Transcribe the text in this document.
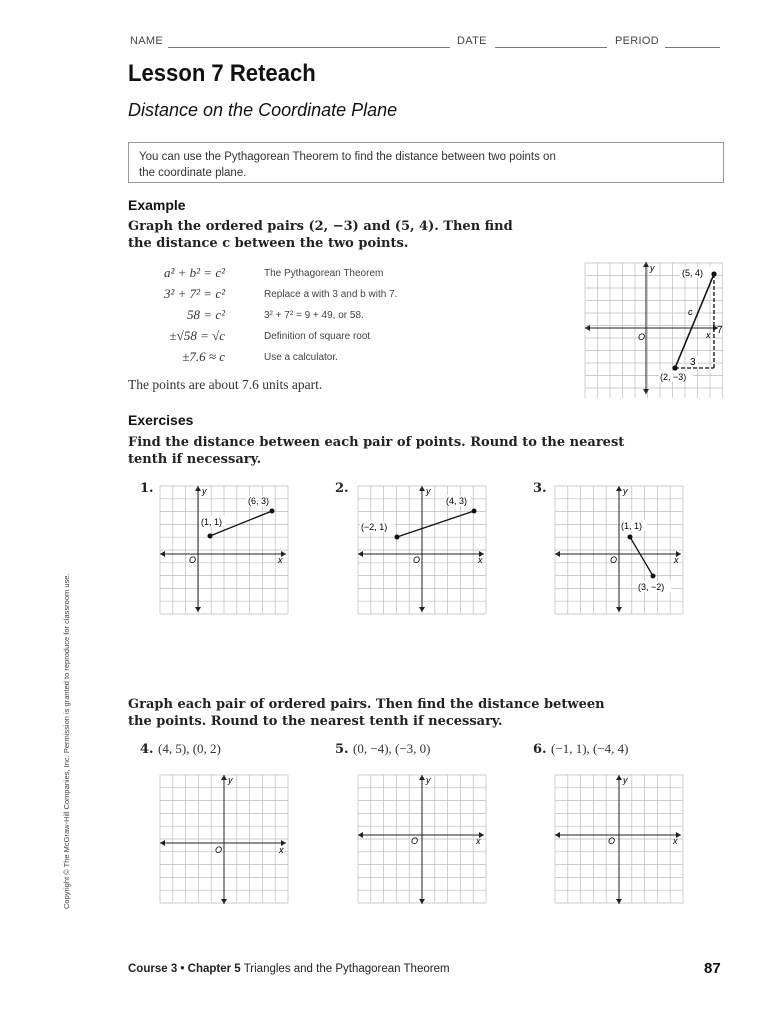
NAME	DATE	PERIOD
Lesson 7 Reteach
Distance on the Coordinate Plane
You can use the Pythagorean Theorem to find the distance between two points on
the coordinate plane.
Example
Graph the ordered pairs (2, −3) and (5, 4). Then find
the distance c between the two points.
a² + b² = c²	The Pythagorean Theorem
3² + 7² = c²	Replace a with 3 and b with 7.
58 = c²	3² + 7² = 9 + 49, or 58.
±√58 = √c	Definition of square root
±7.6 ≈ c	Use a calculator.
The points are about 7.6 units apart.
y
x
O
(5, 4)
(2, −3)
7
3
c
Exercises
Find the distance between each pair of points. Round to the nearest
tenth if necessary.
1.	y
x
O
(1, 1)
(6, 3)
2.	y
x
O
(−2, 1)
(4, 3)
3.	y
x
O
(1, 1)
(3, −2)
Graph each pair of ordered pairs. Then find the distance between
the points. Round to the nearest tenth if necessary.
4. (4, 5), (0, 2)	5. (0, −4), (−3, 0)	6. (−1, 1), (−4, 4)
y
x
O
y
x
O
y
x
O
Copyright © The McGraw-Hill Companies, Inc. Permission is granted to reproduce for classroom use.
Course 3 • Chapter 5 Triangles and the Pythagorean Theorem	87
